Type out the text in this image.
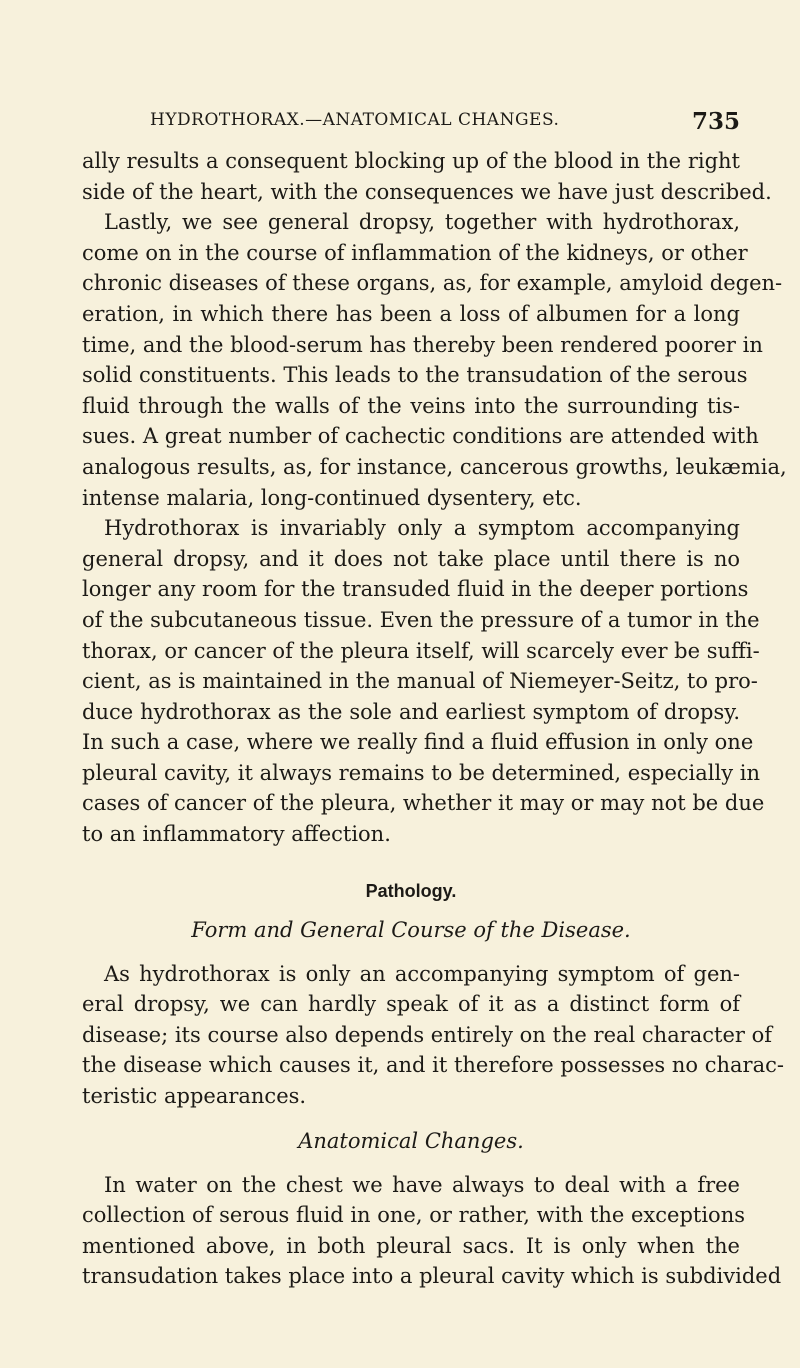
HYDROTHORAX.—ANATOMICAL CHANGES.	735
ally results a consequent blocking up of the blood in the right
side of the heart, with the consequences we have just described.
Lastly, we see general dropsy, together with hydrothorax,
come on in the course of inflammation of the kidneys, or other
chronic diseases of these organs, as, for example, amyloid degen-
eration, in which there has been a loss of albumen for a long
time, and the blood-serum has thereby been rendered poorer in
solid constituents. This leads to the transudation of the serous
fluid through the walls of the veins into the surrounding tis-
sues. A great number of cachectic conditions are attended with
analogous results, as, for instance, cancerous growths, leukæmia,
intense malaria, long-continued dysentery, etc.
Hydrothorax is invariably only a symptom accompanying
general dropsy, and it does not take place until there is no
longer any room for the transuded fluid in the deeper portions
of the subcutaneous tissue. Even the pressure of a tumor in the
thorax, or cancer of the pleura itself, will scarcely ever be suffi-
cient, as is maintained in the manual of Niemeyer-Seitz, to pro-
duce hydrothorax as the sole and earliest symptom of dropsy.
In such a case, where we really find a fluid effusion in only one
pleural cavity, it always remains to be determined, especially in
cases of cancer of the pleura, whether it may or may not be due
to an inflammatory affection.
Pathology.
Form and General Course of the Disease.
As hydrothorax is only an accompanying symptom of gen-
eral dropsy, we can hardly speak of it as a distinct form of
disease; its course also depends entirely on the real character of
the disease which causes it, and it therefore possesses no charac-
teristic appearances.
Anatomical Changes.
In water on the chest we have always to deal with a free
collection of serous fluid in one, or rather, with the exceptions
mentioned above, in both pleural sacs. It is only when the
transudation takes place into a pleural cavity which is subdivided
